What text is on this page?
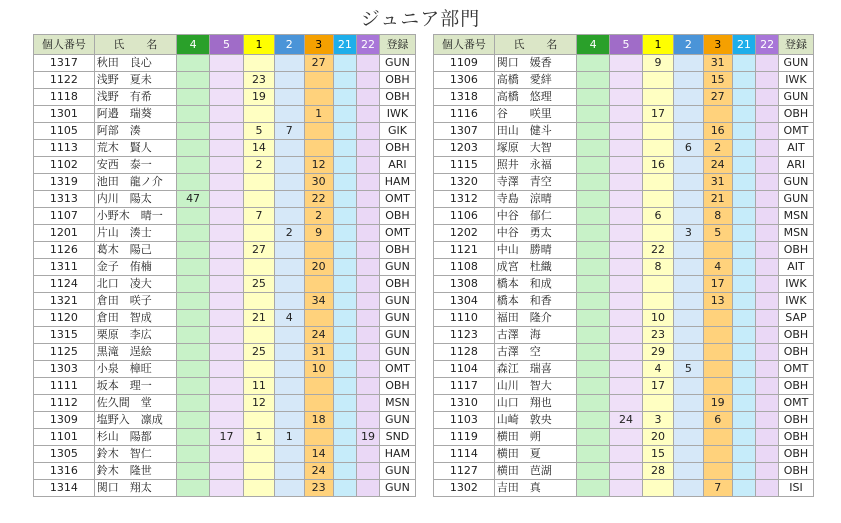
ジュニア部門
個人番号	氏　　名	4	5	1	2	3	21	22	登録
1317	秋田　良心					27			GUN
1122	浅野　夏未			23					OBH
1118	浅野　有希			19					OBH
1301	阿邉　瑞葵					1			IWK
1105	阿部　湊			5	7				GIK
1113	荒木　賢人			14					OBH
1102	安西　泰一			2		12			ARI
1319	池田　龍ノ介					30			HAM
1313	内川　陽太	47				22			OMT
1107	小野木　晴一			7		2			OBH
1201	片山　湊士				2	9			OMT
1126	葛木　陽己			27					OBH
1311	金子　侑楠					20			GUN
1124	北口　凌大			25					OBH
1321	倉田　咲子					34			GUN
1120	倉田　智成			21	4				GUN
1315	栗原　李広					24			GUN
1125	黒滝　逞絵			25		31			GUN
1303	小泉　樟旺					10			OMT
1111	坂本　理一			11					OBH
1112	佐久間　堂			12					MSN
1309	塩野入　凛成					18			GUN
1101	杉山　陽都		17	1	1			19	SND
1305	鈴木　智仁					14			HAM
1316	鈴木　隆世					24			GUN
1314	関口　翔太					23			GUN
個人番号	氏　　名	4	5	1	2	3	21	22	登録
1109	関口　媛香			9		31			GUN
1306	高橋　愛絆					15			IWK
1318	高橋　悠理					27			GUN
1116	谷　　咲里			17					OBH
1307	田山　健斗					16			OMT
1203	塚原　大智				6	2			AIT
1115	照井　永福			16		24			ARI
1320	寺澤　青空					31			GUN
1312	寺島　涼晴					21			GUN
1106	中谷　郁仁			6		8			MSN
1202	中谷　勇太				3	5			MSN
1121	中山　勝晴			22					OBH
1108	成宮　杜織			8		4			AIT
1308	橋本　和成					17			IWK
1304	橋本　和香					13			IWK
1110	福田　隆介			10					SAP
1123	古澤　海			23					OBH
1128	古澤　空			29					OBH
1104	森江　瑞喜			4	5				OMT
1117	山川　智大			17					OBH
1310	山口　翔也					19			OMT
1103	山崎　敦央		24	3		6			OBH
1119	横田　朔			20					OBH
1114	横田　夏			15					OBH
1127	横田　芭湖			28					OBH
1302	吉田　真					7			ISI
